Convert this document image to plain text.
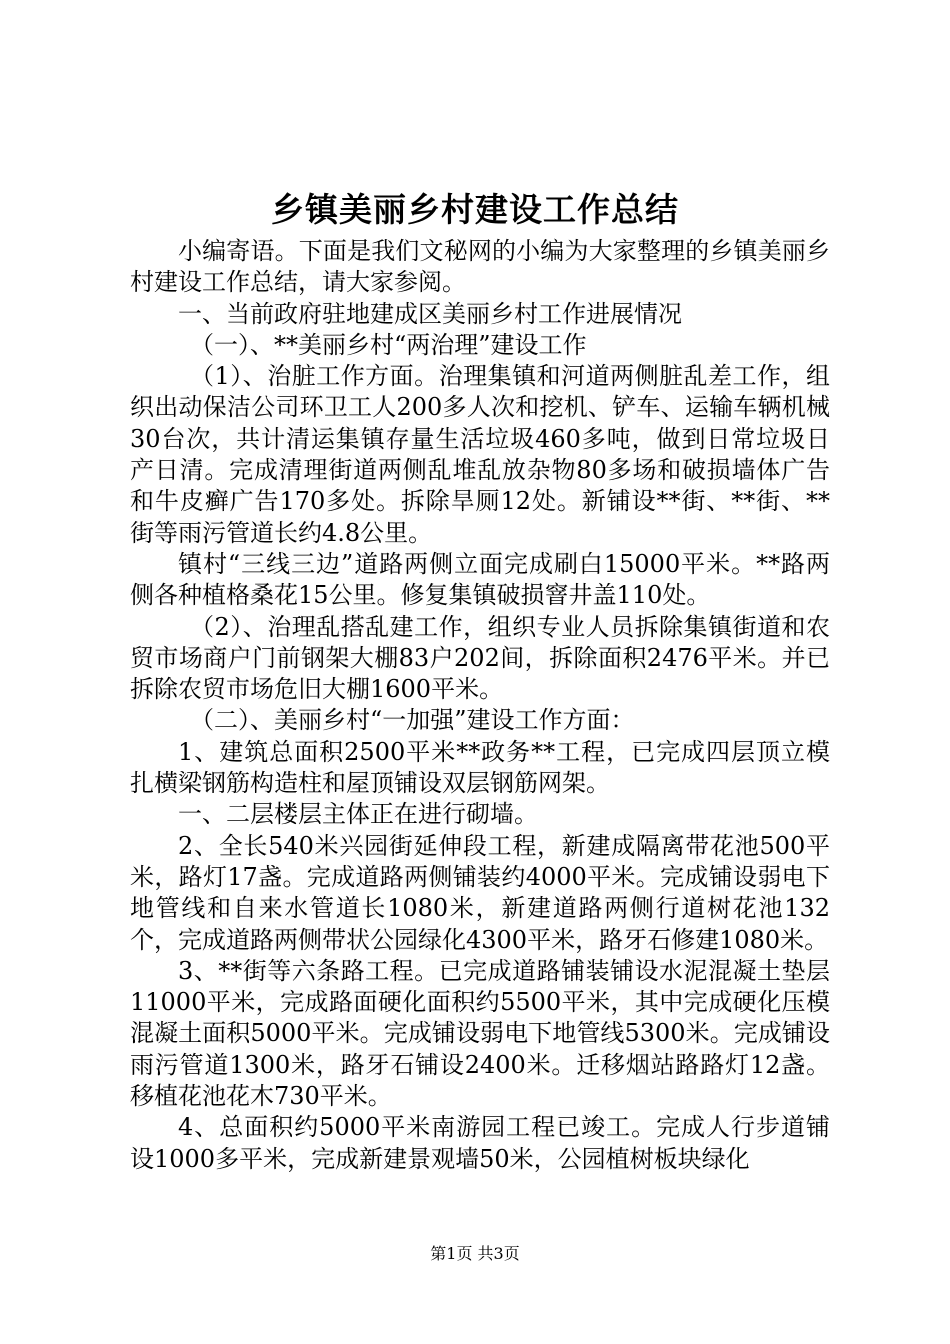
乡镇美丽乡村建设工作总结

小编寄语。下面是我们文秘网的小编为大家整理的乡镇美丽乡村建设工作总结，请大家参阅。

一、当前政府驻地建成区美丽乡村工作进展情况

（一）、**美丽乡村“两治理”建设工作

（1）、治脏工作方面。治理集镇和河道两侧脏乱差工作，组织出动保洁公司环卫工人200多人次和挖机、铲车、运输车辆机械30台次，共计清运集镇存量生活垃圾460多吨，做到日常垃圾日产日清。完成清理街道两侧乱堆乱放杂物80多场和破损墙体广告和牛皮癣广告170多处。拆除旱厕12处。新铺设**街、**街、**街等雨污管道长约4.8公里。

镇村“三线三边”道路两侧立面完成刷白15000平米。**路两侧各种植格桑花15公里。修复集镇破损窨井盖110处。

（2）、治理乱搭乱建工作，组织专业人员拆除集镇街道和农贸市场商户门前钢架大棚83户202间，拆除面积2476平米。并已拆除农贸市场危旧大棚1600平米。

（二）、美丽乡村“一加强”建设工作方面：

1、建筑总面积2500平米**政务**工程，已完成四层顶立模扎横梁钢筋构造柱和屋顶铺设双层钢筋网架。

一、二层楼层主体正在进行砌墙。

2、全长540米兴园街延伸段工程，新建成隔离带花池500平米，路灯17盏。完成道路两侧铺装约4000平米。完成铺设弱电下地管线和自来水管道长1080米，新建道路两侧行道树花池132个，完成道路两侧带状公园绿化4300平米，路牙石修建1080米。

3、**街等六条路工程。已完成道路铺装铺设水泥混凝土垫层11000平米，完成路面硬化面积约5500平米，其中完成硬化压模混凝土面积5000平米。完成铺设弱电下地管线5300米。完成铺设雨污管道1300米，路牙石铺设2400米。迁移烟站路路灯12盏。移植花池花木730平米。

4、总面积约5000平米南游园工程已竣工。完成人行步道铺设1000多平米，完成新建景观墙50米，公园植树板块绿化

第1页 共3页
